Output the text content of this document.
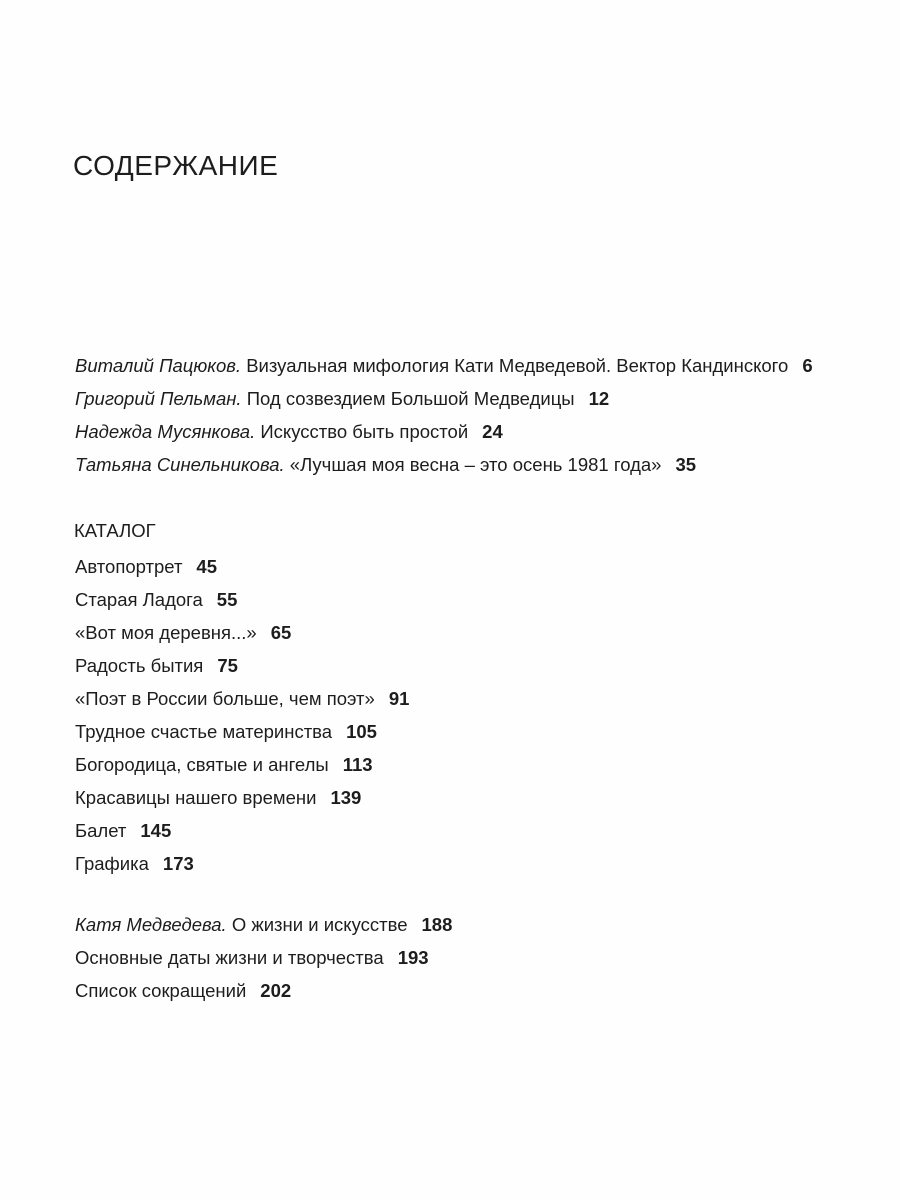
СОДЕРЖАНИЕ
Виталий Пацюков. Визуальная мифология Кати Медведевой. Вектор Кандинского 6
Григорий Пельман. Под созвездием Большой Медведицы 12
Надежда Мусянкова. Искусство быть простой 24
Татьяна Синельникова. «Лучшая моя весна – это осень 1981 года» 35
КАТАЛОГ
Автопортрет 45
Старая Ладога 55
«Вот моя деревня...» 65
Радость бытия 75
«Поэт в России больше, чем поэт» 91
Трудное счастье материнства 105
Богородица, святые и ангелы 113
Красавицы нашего времени 139
Балет 145
Графика 173
Катя Медведева. О жизни и искусстве 188
Основные даты жизни и творчества 193
Список сокращений 202
